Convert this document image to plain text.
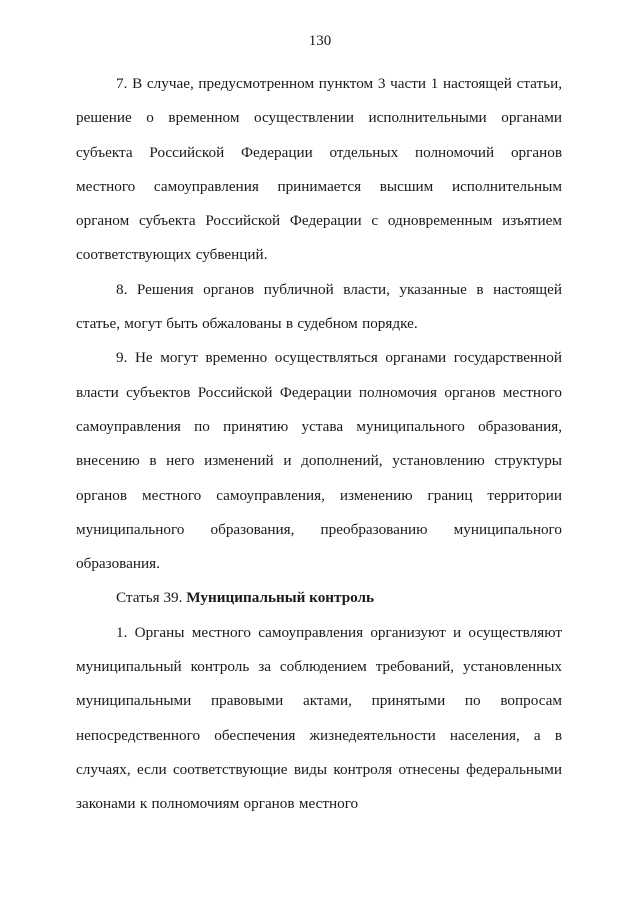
130

7. В случае, предусмотренном пунктом 3 части 1 настоящей статьи, решение о временном осуществлении исполнительными органами субъекта Российской Федерации отдельных полномочий органов местного самоуправления принимается высшим исполнительным органом субъекта Российской Федерации с одновременным изъятием соответствующих субвенций.

8. Решения органов публичной власти, указанные в настоящей статье, могут быть обжалованы в судебном порядке.

9. Не могут временно осуществляться органами государственной власти субъектов Российской Федерации полномочия органов местного самоуправления по принятию устава муниципального образования, внесению в него изменений и дополнений, установлению структуры органов местного самоуправления, изменению границ территории муниципального образования, преобразованию муниципального образования.

Статья 39. Муниципальный контроль

1. Органы местного самоуправления организуют и осуществляют муниципальный контроль за соблюдением требований, установленных муниципальными правовыми актами, принятыми по вопросам непосредственного обеспечения жизнедеятельности населения, а в случаях, если соответствующие виды контроля отнесены федеральными законами к полномочиям органов местного
